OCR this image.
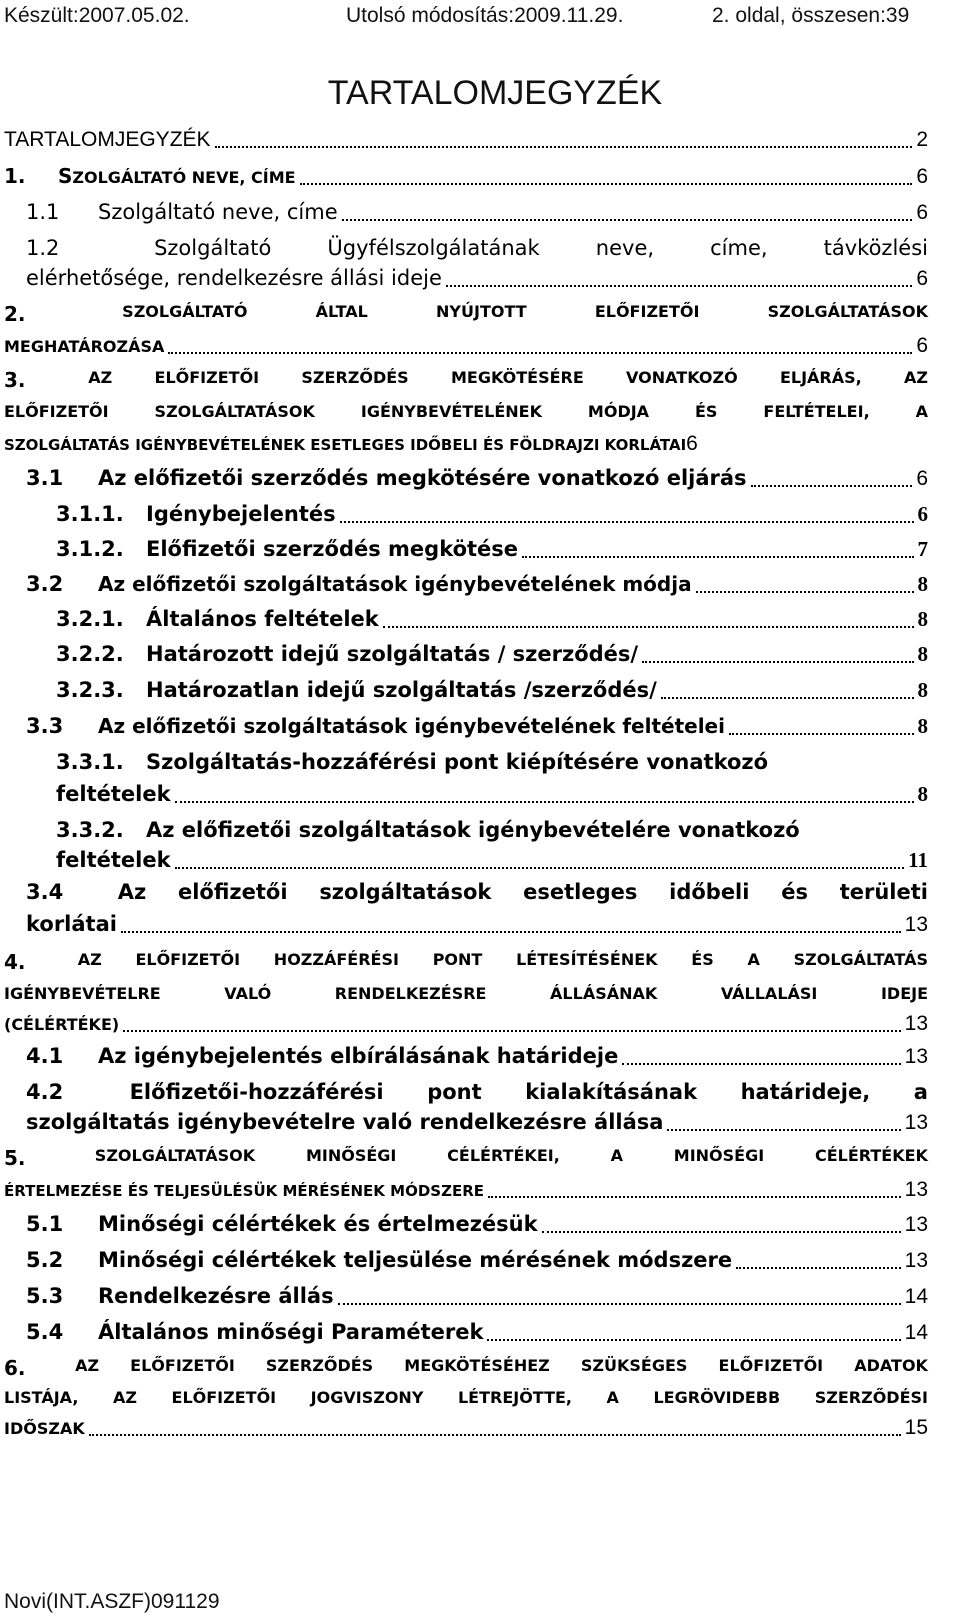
Készült:2007.05.02.	Utolsó módosítás:2009.11.29.	2. oldal, összesen:39
TARTALOMJEGYZÉK
TARTALOMJEGYZÉK	2
1.	SZOLGÁLTATÓ NEVE, CÍME	6
1.1	Szolgáltató neve, címe	6
1.2	Szolgáltató	Ügyfélszolgálatának	neve,	címe,	távközlési
elérhetősége, rendelkezésre állási ideje	6
2.	SZOLGÁLTATÓ	ÁLTAL	NYÚJTOTT	ELŐFIZETŐI	SZOLGÁLTATÁSOK
MEGHATÁROZÁSA	6
3.	AZ	ELŐFIZETŐI	SZERZŐDÉS	MEGKÖTÉSÉRE	VONATKOZÓ	ELJÁRÁS,	AZ
ELŐFIZETŐI	SZOLGÁLTATÁSOK	IGÉNYBEVÉTELÉNEK	MÓDJA	ÉS	FELTÉTELEI,	A
SZOLGÁLTATÁS IGÉNYBEVÉTELÉNEK ESETLEGES IDŐBELI ÉS FÖLDRAJZI KORLÁTAI 6
3.1	Az előfizetői szerződés megkötésére vonatkozó eljárás	6
3.1.1.	Igénybejelentés	6
3.1.2.	Előfizetői szerződés megkötése	7
3.2	Az előfizetői szolgáltatások igénybevételének módja	8
3.2.1.	Általános feltételek	8
3.2.2.	Határozott idejű szolgáltatás / szerződés/	8
3.2.3.	Határozatlan idejű szolgáltatás /szerződés/	8
3.3	Az előfizetői szolgáltatások igénybevételének feltételei	8
3.3.1.	Szolgáltatás-hozzáférési pont kiépítésére vonatkozó
feltételek	8
3.3.2.	Az előfizetői szolgáltatások igénybevételére vonatkozó
feltételek	11
3.4	Az előfizetői szolgáltatások esetleges időbeli és területi
korlátai	13
4.	AZ ELŐFIZETŐI HOZZÁFÉRÉSI PONT LÉTESÍTÉSÉNEK ÉS A SZOLGÁLTATÁS
IGÉNYBEVÉTELRE	VALÓ	RENDELKEZÉSRE	ÁLLÁSÁNAK	VÁLLALÁSI	IDEJE
(CÉLÉRTÉKE)	13
4.1	Az igénybejelentés elbírálásának határideje	13
4.2	Előfizetői-hozzáférési pont kialakításának határideje, a
szolgáltatás igénybevételre való rendelkezésre állása	13
5.	SZOLGÁLTATÁSOK	MINŐSÉGI	CÉLÉRTÉKEI,	A	MINŐSÉGI	CÉLÉRTÉKEK
ÉRTELMEZÉSE ÉS TELJESÜLÉSÜK MÉRÉSÉNEK MÓDSZERE	13
5.1	Minőségi célértékek és értelmezésük	13
5.2	Minőségi célértékek teljesülése mérésének módszere	13
5.3	Rendelkezésre állás	14
5.4	Általános minőségi Paraméterek	14
6.	AZ ELŐFIZETŐI SZERZŐDÉS MEGKÖTÉSÉHEZ SZÜKSÉGES ELŐFIZETŐI ADATOK
LISTÁJA, AZ ELŐFIZETŐI JOGVISZONY LÉTREJÖTTE, A LEGRÖVIDEBB SZERZŐDÉSI
IDŐSZAK	15
Novi(INT.ASZF)091129
